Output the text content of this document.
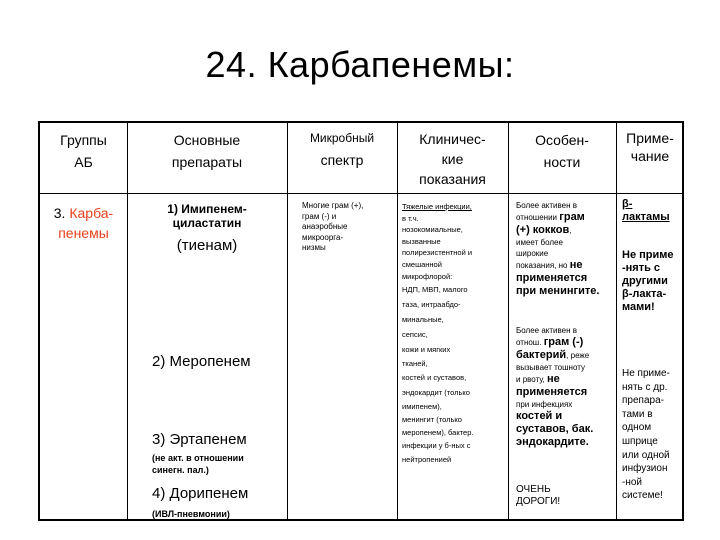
24. Карбапенемы:
Группы
АБ
Основные
препараты
Микробный
спектр
Клиничес-
кие
показания
Особен-
ности
Приме-
чание
3. Карба-
пенемы
1) Имипенем-
циластатин
(тиенам)
2) Меропенем
3) Эртапенем
(не акт. в отношении
синегн. пал.)
4) Дорипенем
(ИВЛ-пневмонии)
Многие грам (+),
грам (-) и
анаэробные
микроорга-
низмы
Тяжелые инфекции,
в т.ч.
нозокомиальные,
вызванные
полирезистентной и
смешанной
микрофлорой:
НДП, МВП, малого
таза, интраабдо-
минальные,
сепсис,
кожи и мягких
тканей,
костей и суставов,
эндокардит (только
имипенем),
менингит (только
меропенем), бактер.
инфекции у б-ных с
нейтропенией
Более активен в
отношении грам
(+) кокков,
имеет более
широкие
показания, но не
применяется
при менингите.
Более активен в
отнош. грам (-)
бактерий, реже
вызывает тошноту
и рвоту, не
применяется
при инфекциях
костей и
суставов, бак.
эндокардите.
ОЧЕНЬ
ДОРОГИ!
β-
лактамы
Не приме
-нять с
другими
β-лакта-
мами!
Не приме-
нять с др.
препара-
тами в
одном
шприце
или одной
инфузион
-ной
системе!
